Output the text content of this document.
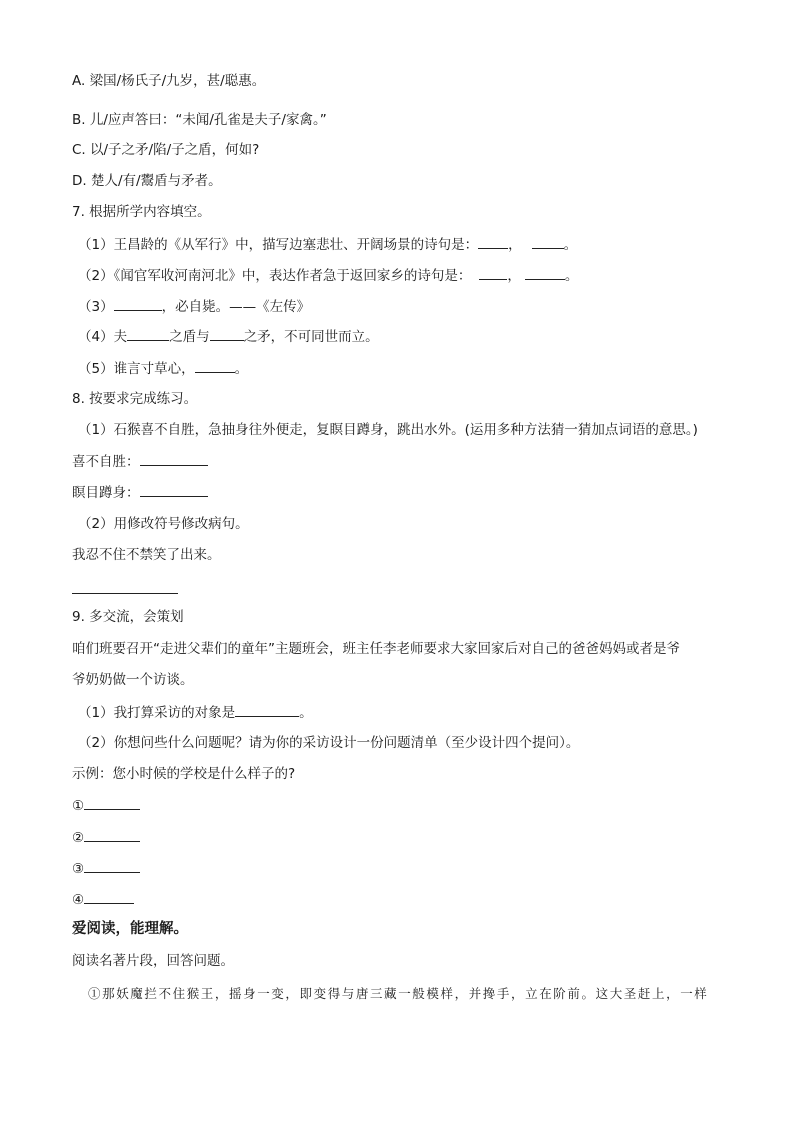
A. 梁国/杨氏子/九岁，甚/聪惠。
B. 儿/应声答曰：“未闻/孔雀是夫子/家禽。”
C. 以/子之矛/陷/子之盾，何如?
D. 楚人/有/鬻盾与矛者。
7. 根据所学内容填空。
（1）王昌龄的《从军行》中，描写边塞悲壮、开阔场景的诗句是： ，	。
（2）《闻官军收河南河北》中，表达作者急于返回家乡的诗句是：	，	。
（3）	，必自毙。——《左传》
（4）夫	之盾与	之矛，不可同世而立。
（5）谁言寸草心，	。
8. 按要求完成练习。
（1）石猴喜不自胜，急抽身往外便走，复瞑目蹲身，跳出水外。(运用多种方法猜一猜加点词语的意思。)
喜不自胜：
瞑目蹲身：
（2）用修改符号修改病句。
我忍不住不禁笑了出来。
9. 多交流，会策划
咱们班要召开“走进父辈们的童年”主题班会，班主任李老师要求大家回家后对自己的爸爸妈妈或者是爷
爷奶奶做一个访谈。
（1）我打算采访的对象是	。
（2）你想问些什么问题呢？请为你的采访设计一份问题清单（至少设计四个提问）。
示例：您小时候的学校是什么样子的?
①
②
③
④
爱阅读，能理解。
阅读名著片段，回答问题。
①那妖魔拦不住猴王，摇身一变，即变得与唐三藏一般模样，并搀手，立在阶前。这大圣赶上，一样
